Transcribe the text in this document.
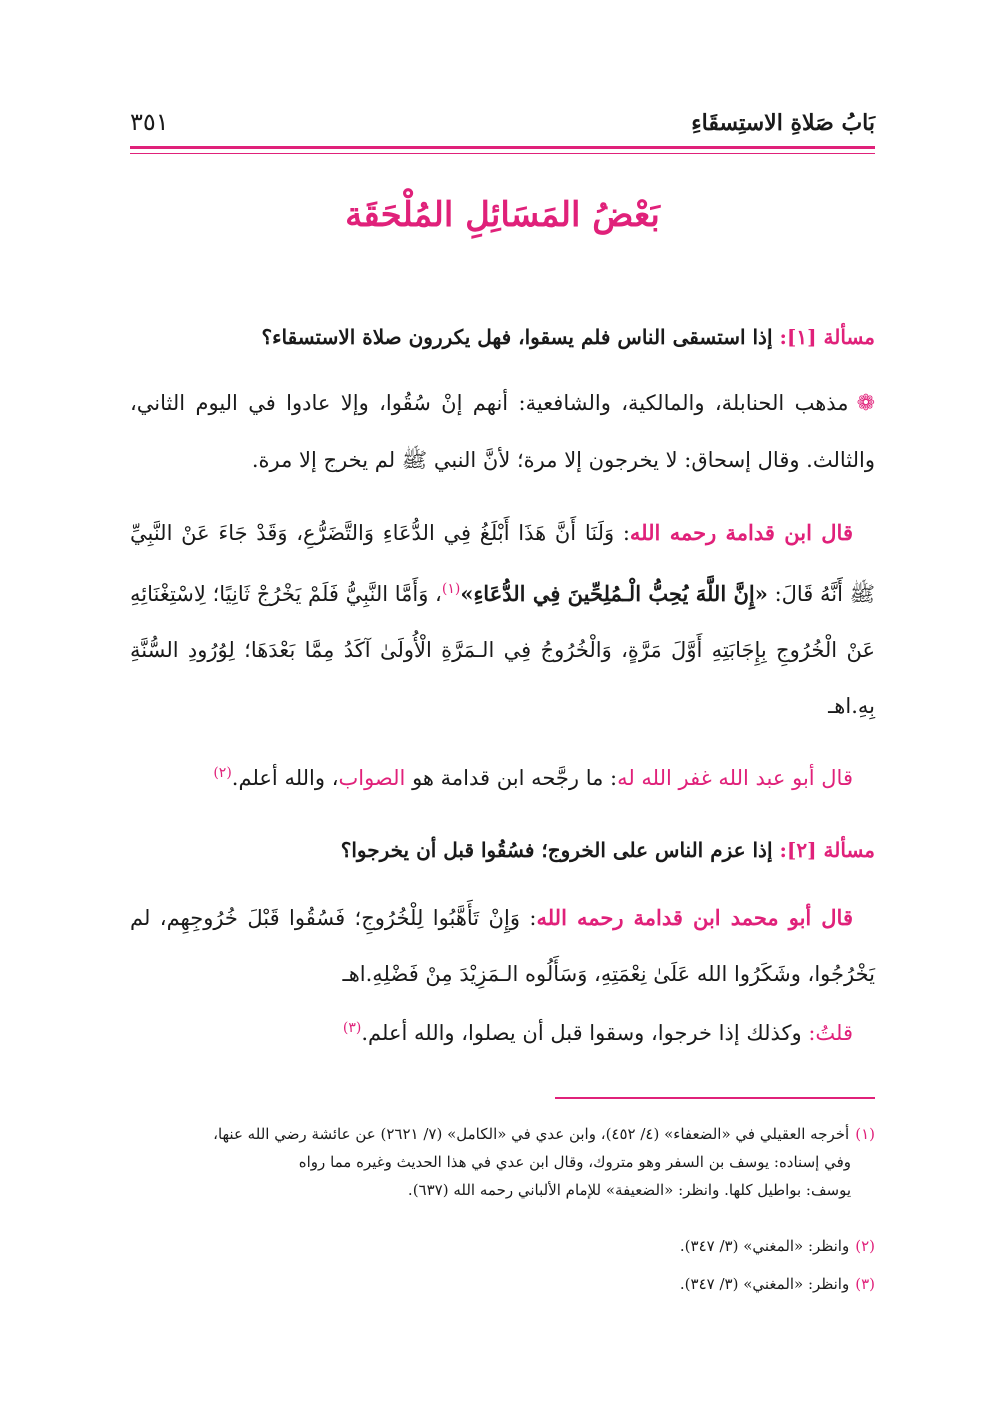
بَابُ صَلاةِ الاستِسقَاءِ
٣٥١
بَعْضُ المَسَائِلِ المُلْحَقَة
مسألة [١]: إذا استسقى الناس فلم يسقوا، فهل يكررون صلاة الاستسقاء؟
❁مذهب الحنابلة، والمالكية، والشافعية: أنهم إنْ سُقُوا، وإلا عادوا في اليوم الثاني، والثالث. وقال إسحاق: لا يخرجون إلا مرة؛ لأنَّ النبي ﷺ لم يخرج إلا مرة.
قال ابن قدامة رحمه الله: وَلَنَا أَنَّ هَذَا أَبْلَغُ فِي الدُّعَاءِ وَالتَّضَرُّعِ، وَقَدْ جَاءَ عَنْ النَّبِيِّ ﷺ أَنَّهُ قَالَ: «إِنَّ اللَّهَ يُحِبُّ الْـمُلِحِّينَ فِي الدُّعَاءِ»$^{(١)}$، وَأَمَّا النَّبِيُّ فَلَمْ يَخْرُجْ ثَانِيًا؛ لِاسْتِغْنَائِهِ عَنْ الْخُرُوجِ بِإِجَابَتِهِ أَوَّلَ مَرَّةٍ، وَالْخُرُوجُ فِي الـمَرَّةِ الْأُولَىٰ آكَدُ مِمَّا بَعْدَهَا؛ لِوُرُودِ السُّنَّةِ بِهِ.اهـ
قال أبو عبد الله غفر الله له: ما رجَّحه ابن قدامة هو الصواب، والله أعلم.$^{(٢)}$
مسألة [٢]: إذا عزم الناس على الخروج؛ فسُقُوا قبل أن يخرجوا؟
قال أبو محمد ابن قدامة رحمه الله: وَإِنْ تَأَهَّبُوا لِلْخُرُوجِ؛ فَسُقُوا قَبْلَ خُرُوجِهِم، لم يَخْرُجُوا، وشَكَرُوا الله عَلَىٰ نِعْمَتِهِ، وَسَأَلُوه الـمَزِيْدَ مِنْ فَضْلِهِ.اهـ
قلتُ: وكذلك إذا خرجوا، وسقوا قبل أن يصلوا، والله أعلم.$^{(٣)}$
(١)أخرجه العقيلي في «الضعفاء» (٤/ ٤٥٢)، وابن عدي في «الكامل» (٧/ ٢٦٢١) عن عائشة رضي الله عنها،
وفي إسناده: يوسف بن السفر وهو متروك، وقال ابن عدي في هذا الحديث وغيره مما رواه
يوسف: بواطيل كلها. وانظر: «الضعيفة» للإمام الألباني رحمه الله (٦٣٧).
(٢)وانظر: «المغني» (٣/ ٣٤٧).
(٣)وانظر: «المغني» (٣/ ٣٤٧).
